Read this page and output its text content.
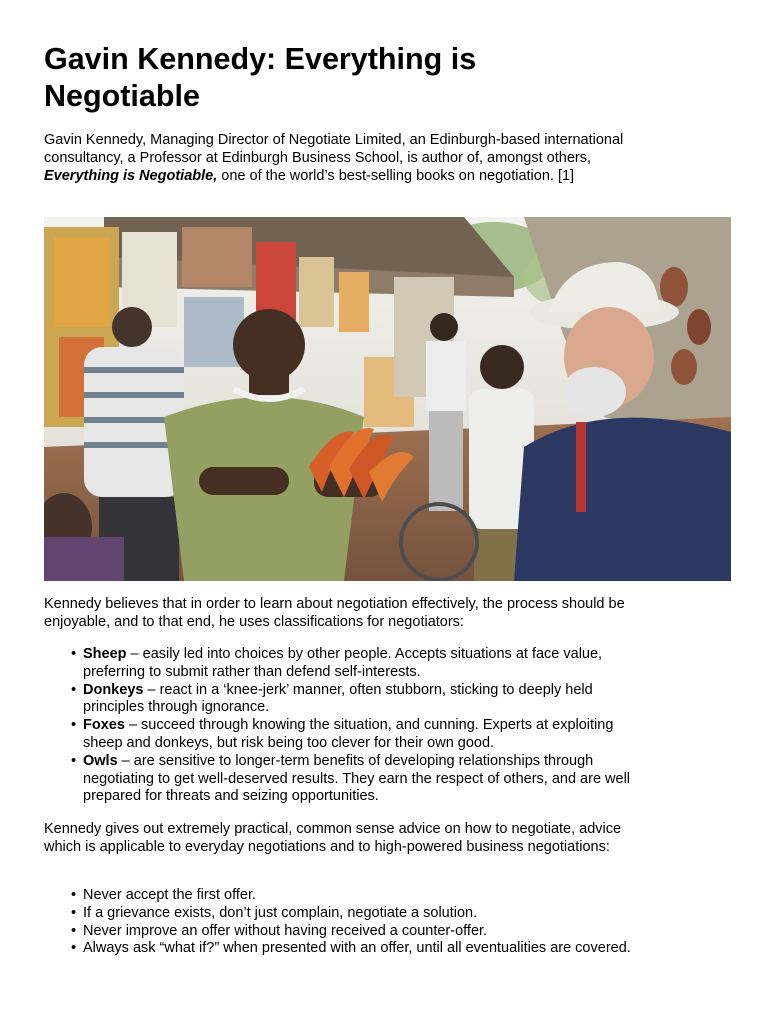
Gavin Kennedy: Everything is Negotiable

Gavin Kennedy, Managing Director of Negotiate Limited, an Edinburgh-based international consultancy, a Professor at Edinburgh Business School, is author of, amongst others, Everything is Negotiable, one of the world’s best-selling books on negotiation. [1]

Kennedy believes that in order to learn about negotiation effectively, the process should be enjoyable, and to that end, he uses classifications for negotiators:

• Sheep – easily led into choices by other people. Accepts situations at face value, preferring to submit rather than defend self-interests.
• Donkeys – react in a ‘knee-jerk’ manner, often stubborn, sticking to deeply held principles through ignorance.
• Foxes – succeed through knowing the situation, and cunning. Experts at exploiting sheep and donkeys, but risk being too clever for their own good.
• Owls – are sensitive to longer-term benefits of developing relationships through negotiating to get well-deserved results. They earn the respect of others, and are well prepared for threats and seizing opportunities.

Kennedy gives out extremely practical, common sense advice on how to negotiate, advice which is applicable to everyday negotiations and to high-powered business negotiations:

• Never accept the first offer.
• If a grievance exists, don’t just complain, negotiate a solution.
• Never improve an offer without having received a counter-offer.
• Always ask “what if?” when presented with an offer, until all eventualities are covered.
